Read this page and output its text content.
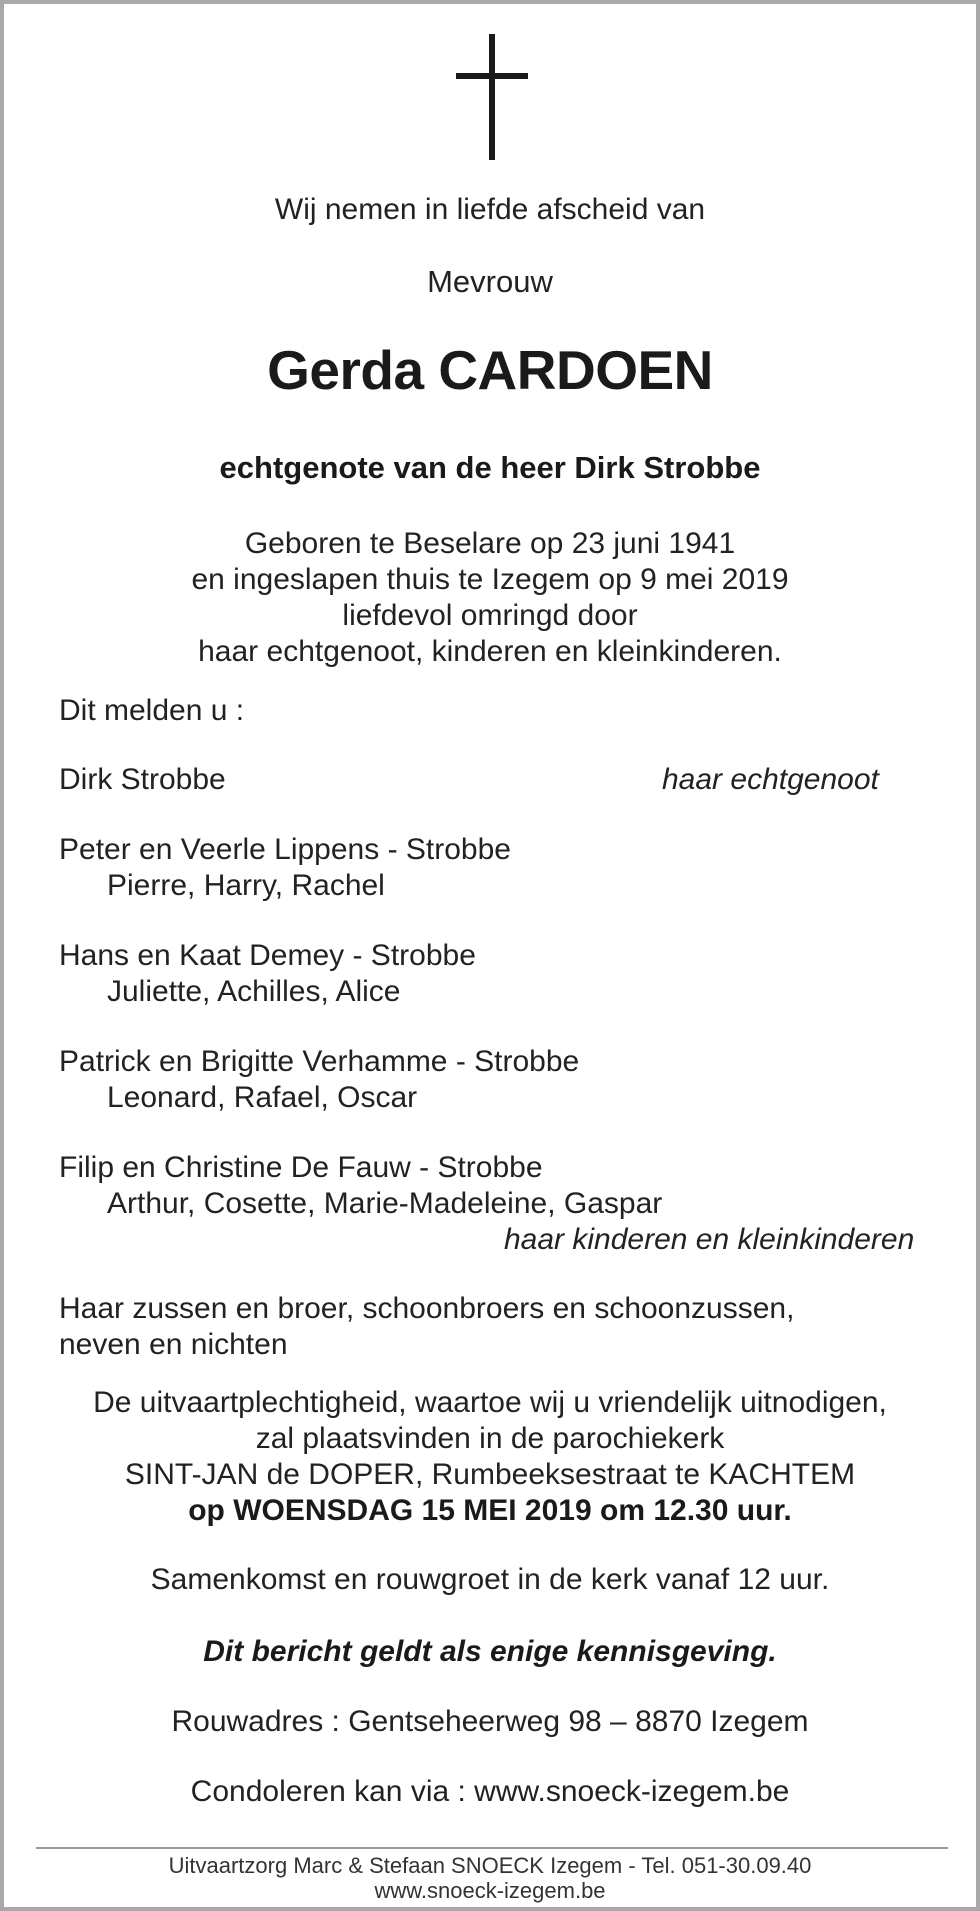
Wij nemen in liefde afscheid van
Mevrouw
Gerda CARDOEN
echtgenote van de heer Dirk Strobbe
Geboren te Beselare op 23 juni 1941
en ingeslapen thuis te Izegem op 9 mei 2019
liefdevol omringd door
haar echtgenoot, kinderen en kleinkinderen.
Dit melden u :
Dirk Strobbe	haar echtgenoot
Peter en Veerle Lippens - Strobbe
Pierre, Harry, Rachel
Hans en Kaat Demey - Strobbe
Juliette, Achilles, Alice
Patrick en Brigitte Verhamme - Strobbe
Leonard, Rafael, Oscar
Filip en Christine De Fauw - Strobbe
Arthur, Cosette, Marie-Madeleine, Gaspar
haar kinderen en kleinkinderen
Haar zussen en broer, schoonbroers en schoonzussen,
neven en nichten
De uitvaartplechtigheid, waartoe wij u vriendelijk uitnodigen,
zal plaatsvinden in de parochiekerk
SINT-JAN de DOPER, Rumbeeksestraat te KACHTEM
op WOENSDAG 15 MEI 2019 om 12.30 uur.
Samenkomst en rouwgroet in de kerk vanaf 12 uur.
Dit bericht geldt als enige kennisgeving.
Rouwadres : Gentseheerweg 98 – 8870 Izegem
Condoleren kan via : www.snoeck-izegem.be
Uitvaartzorg Marc & Stefaan SNOECK Izegem - Tel. 051-30.09.40
www.snoeck-izegem.be
